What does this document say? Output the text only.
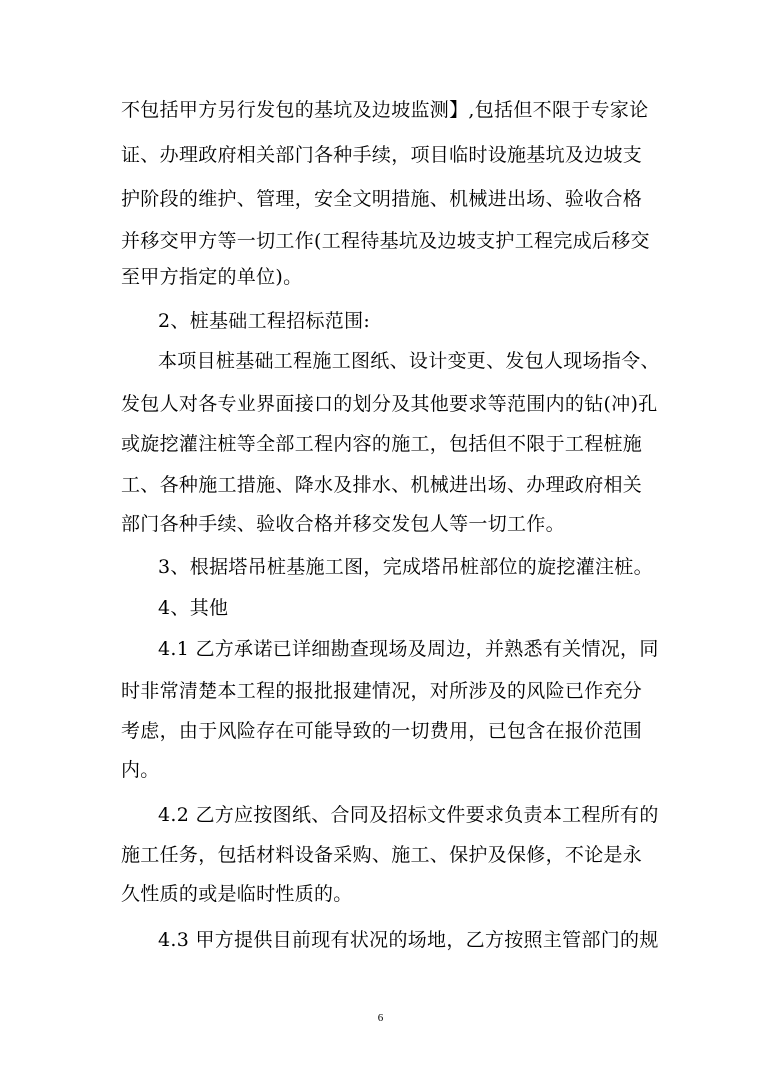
不包括甲方另行发包的基坑及边坡监测】,包括但不限于专家论
证、办理政府相关部门各种手续，项目临时设施基坑及边坡支
护阶段的维护、管理，安全文明措施、机械进出场、验收合格
并移交甲方等一切工作(工程待基坑及边坡支护工程完成后移交
至甲方指定的单位)。
2、桩基础工程招标范围:
本项目桩基础工程施工图纸、设计变更、发包人现场指令、
发包人对各专业界面接口的划分及其他要求等范围内的钻(冲)孔
或旋挖灌注桩等全部工程内容的施工，包括但不限于工程桩施
工、各种施工措施、降水及排水、机械进出场、办理政府相关
部门各种手续、验收合格并移交发包人等一切工作。
3、根据塔吊桩基施工图，完成塔吊桩部位的旋挖灌注桩。
4、其他
4.1 乙方承诺已详细勘查现场及周边，并熟悉有关情况，同
时非常清楚本工程的报批报建情况，对所涉及的风险已作充分
考虑，由于风险存在可能导致的一切费用，已包含在报价范围
内。
4.2 乙方应按图纸、合同及招标文件要求负责本工程所有的
施工任务，包括材料设备采购、施工、保护及保修，不论是永
久性质的或是临时性质的。
4.3 甲方提供目前现有状况的场地，乙方按照主管部门的规
6
